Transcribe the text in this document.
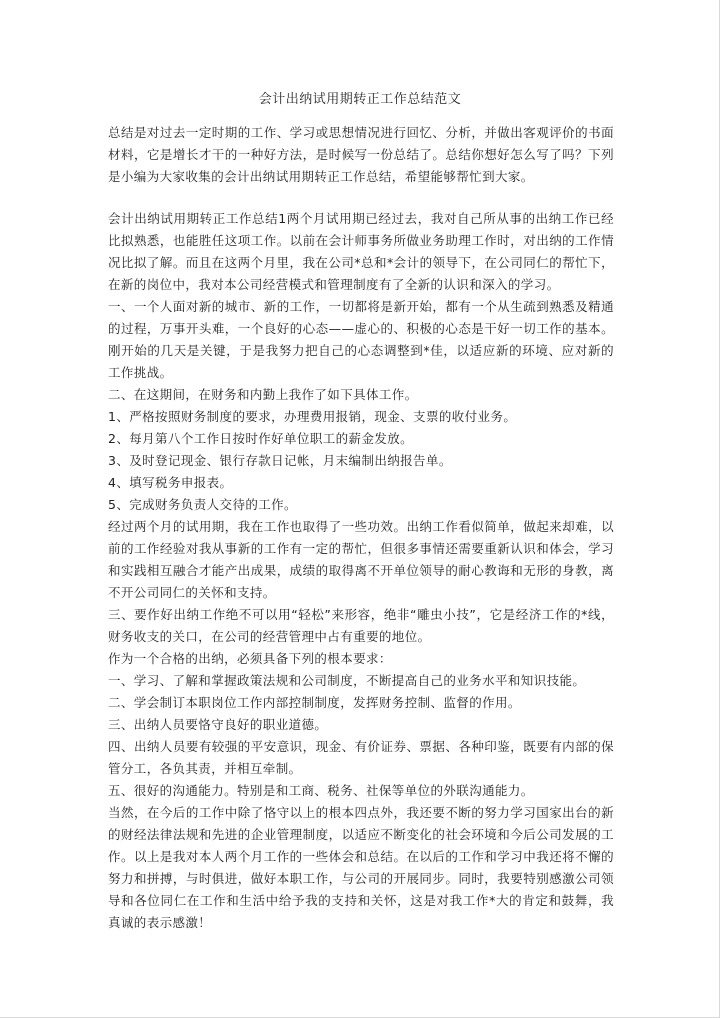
会计出纳试用期转正工作总结范文

总结是对过去一定时期的工作、学习或思想情况进行回忆、分析，并做出客观评价的书面材料，它是增长才干的一种好方法，是时候写一份总结了。总结你想好怎么写了吗？下列是小编为大家收集的会计出纳试用期转正工作总结，希望能够帮忙到大家。

会计出纳试用期转正工作总结1两个月试用期已经过去，我对自己所从事的出纳工作已经比拟熟悉，也能胜任这项工作。以前在会计师事务所做业务助理工作时，对出纳的工作情况比拟了解。而且在这两个月里，我在公司*总和*会计的领导下，在公司同仁的帮忙下，在新的岗位中，我对本公司经营模式和管理制度有了全新的认识和深入的学习。

一、一个人面对新的城市、新的工作，一切都将是新开始，都有一个从生疏到熟悉及精通的过程，万事开头难，一个良好的心态——虚心的、积极的心态是干好一切工作的基本。刚开始的几天是关键，于是我努力把自己的心态调整到*佳，以适应新的环境、应对新的工作挑战。

二、在这期间，在财务和内勤上我作了如下具体工作。

1、严格按照财务制度的要求，办理费用报销，现金、支票的收付业务。

2、每月第八个工作日按时作好单位职工的薪金发放。

3、及时登记现金、银行存款日记帐，月末编制出纳报告单。

4、填写税务申报表。

5、完成财务负责人交待的工作。

经过两个月的试用期，我在工作也取得了一些功效。出纳工作看似简单，做起来却难，以前的工作经验对我从事新的工作有一定的帮忙，但很多事情还需要重新认识和体会，学习和实践相互融合才能产出成果，成绩的取得离不开单位领导的耐心教诲和无形的身教，离不开公司同仁的关怀和支持。

三、要作好出纳工作绝不可以用“轻松”来形容，绝非“雕虫小技”，它是经济工作的*线，财务收支的关口，在公司的经营管理中占有重要的地位。

作为一个合格的出纳，必须具备下列的根本要求：

一、学习、了解和掌握政策法规和公司制度，不断提高自己的业务水平和知识技能。

二、学会制订本职岗位工作内部控制制度，发挥财务控制、监督的作用。

三、出纳人员要恪守良好的职业道德。

四、出纳人员要有较强的平安意识，现金、有价证券、票据、各种印鉴，既要有内部的保管分工，各负其责，并相互牵制。

五、很好的沟通能力。特别是和工商、税务、社保等单位的外联沟通能力。

当然，在今后的工作中除了恪守以上的根本四点外，我还要不断的努力学习国家出台的新的财经法律法规和先进的企业管理制度，以适应不断变化的社会环境和今后公司发展的工作。以上是我对本人两个月工作的一些体会和总结。在以后的工作和学习中我还将不懈的努力和拼搏，与时俱进，做好本职工作，与公司的开展同步。同时，我要特别感激公司领导和各位同仁在工作和生活中给予我的支持和关怀，这是对我工作*大的肯定和鼓舞，我真诚的表示感激！
